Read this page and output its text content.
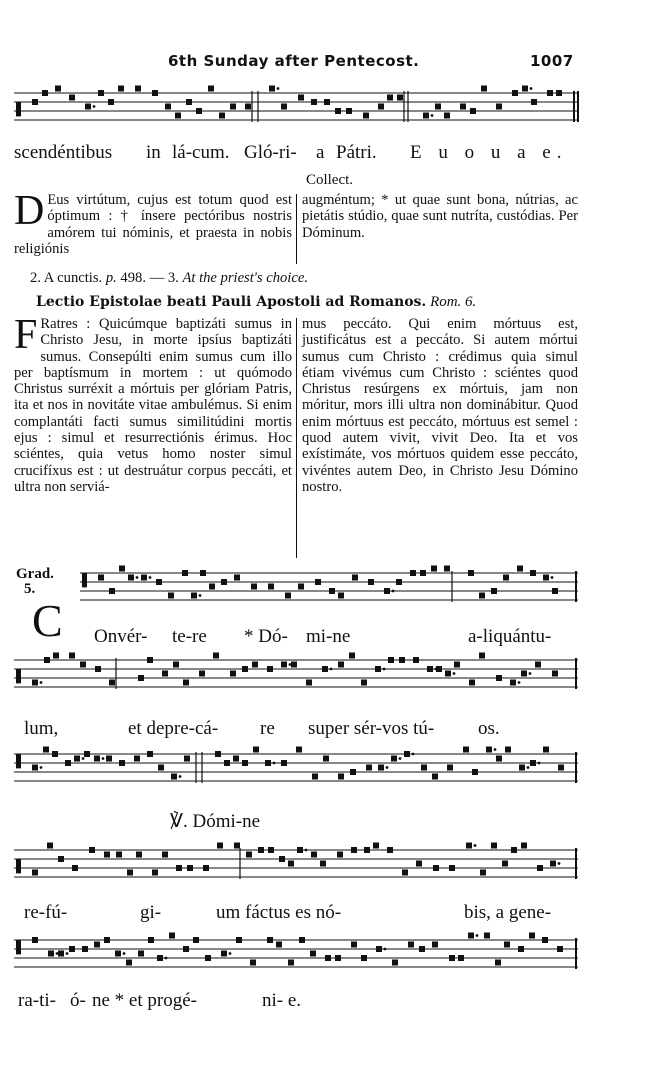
6th Sunday after Pentecost.	1007
scendéntibus in lá-cum. Gló-ri- a Pátri. E u o u a e.
Collect.
D Eus virtútum, cujus est totum quod est óptimum : † ínsere pectóribus nostris amórem tui nóminis, et praesta in nobis religiónis
augméntum; * ut quae sunt bona, nútrias, ac pietátis stúdio, quae sunt nutríta, custódias. Per Dóminum.
2. A cunctis. p. 498. — 3. At the priest's choice.
Lectio Epistolae beati Pauli Apostoli ad Romanos. Rom. 6.
F Ratres : Quicúmque baptizáti sumus in Christo Jesu, in morte ipsíus baptizáti sumus. Consepúlti enim sumus cum illo per baptísmum in mortem : ut quómodo Christus surréxit a mórtuis per glóriam Patris, ita et nos in novitáte vitae ambulémus. Si enim complantáti facti sumus similitúdini mortis ejus : simul et resurrectiónis érimus. Hoc sciéntes, quia vetus homo noster simul crucifíxus est : ut destruátur corpus peccáti, et ultra non serviá-
mus peccáto. Qui enim mórtuus est, justificátus est a peccáto. Si autem mórtui sumus cum Christo : crédimus quia simul étiam vivémus cum Christo : sciéntes quod Christus resúrgens ex mórtuis, jam non móritur, mors illi ultra non dominábitur. Quod enim mórtuus est peccáto, mórtuus est semel : quod autem vivit, vivit Deo. Ita et vos exístimáte, vos mórtuos quidem esse peccáto, vivéntes autem Deo, in Christo Jesu Dómino nostro.
Grad.
5.
C Onvér- te-re * Dó- mi-ne	a-liquántu-
lum,	et depre-cá- re super sér-vos tú- os.
℣. Dómi-ne
re-fú-	gi-	um fáctus es nó-	bis, a gene-
ra-ti- ó- ne * et progé-	ni- e.
